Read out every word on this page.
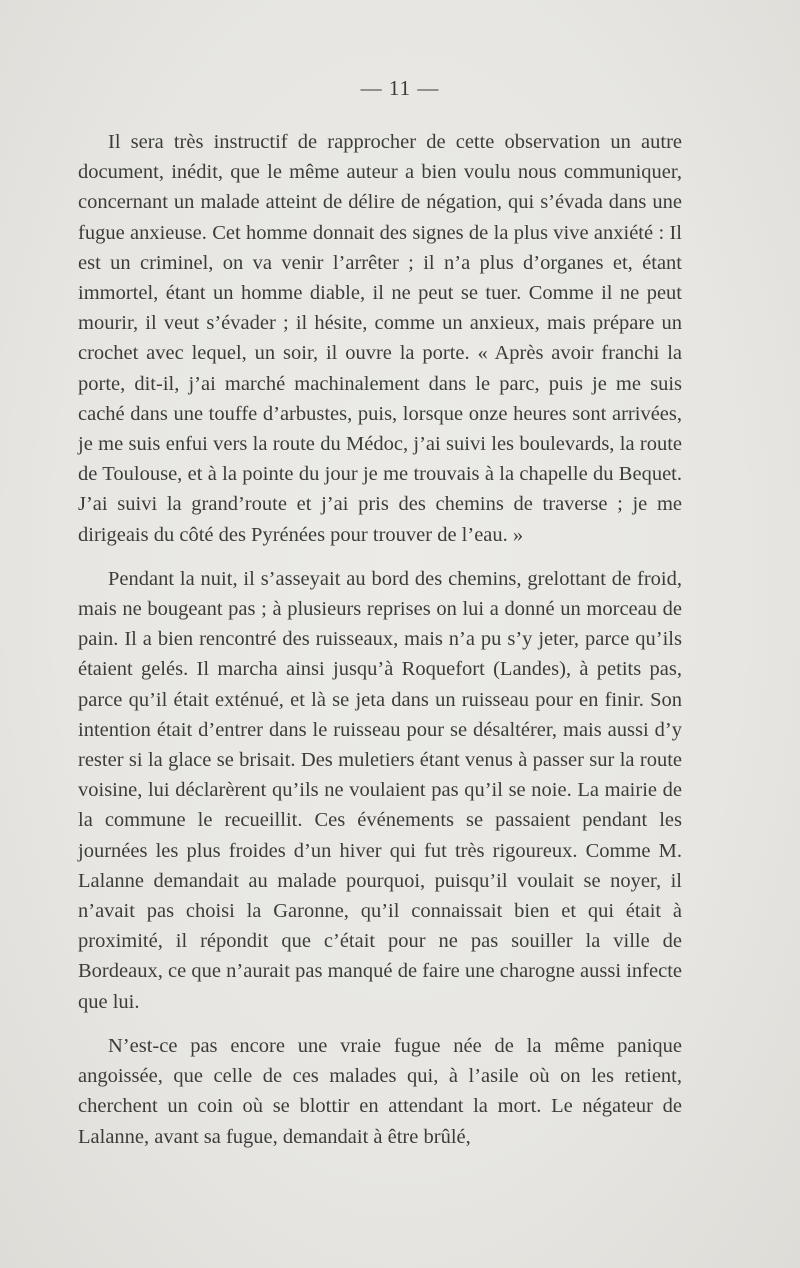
— 11 —

Il sera très instructif de rapprocher de cette observation un autre document, inédit, que le même auteur a bien voulu nous communiquer, concernant un malade atteint de délire de négation, qui s’évada dans une fugue anxieuse. Cet homme donnait des signes de la plus vive anxiété : Il est un criminel, on va venir l’arrêter ; il n’a plus d’organes et, étant immortel, étant un homme diable, il ne peut se tuer. Comme il ne peut mourir, il veut s’évader ; il hésite, comme un anxieux, mais prépare un crochet avec lequel, un soir, il ouvre la porte. « Après avoir franchi la porte, dit-il, j’ai marché machinalement dans le parc, puis je me suis caché dans une touffe d’arbustes, puis, lorsque onze heures sont arrivées, je me suis enfui vers la route du Médoc, j’ai suivi les boulevards, la route de Toulouse, et à la pointe du jour je me trouvais à la chapelle du Bequet. J’ai suivi la grand’route et j’ai pris des chemins de traverse ; je me dirigeais du côté des Pyrénées pour trouver de l’eau. »

Pendant la nuit, il s’asseyait au bord des chemins, grelottant de froid, mais ne bougeant pas ; à plusieurs reprises on lui a donné un morceau de pain. Il a bien rencontré des ruisseaux, mais n’a pu s’y jeter, parce qu’ils étaient gelés. Il marcha ainsi jusqu’à Roquefort (Landes), à petits pas, parce qu’il était exténué, et là se jeta dans un ruisseau pour en finir. Son intention était d’entrer dans le ruisseau pour se désaltérer, mais aussi d’y rester si la glace se brisait. Des muletiers étant venus à passer sur la route voisine, lui déclarèrent qu’ils ne voulaient pas qu’il se noie. La mairie de la commune le recueillit. Ces événements se passaient pendant les journées les plus froides d’un hiver qui fut très rigoureux. Comme M. Lalanne demandait au malade pourquoi, puisqu’il voulait se noyer, il n’avait pas choisi la Garonne, qu’il connaissait bien et qui était à proximité, il répondit que c’était pour ne pas souiller la ville de Bordeaux, ce que n’aurait pas manqué de faire une charogne aussi infecte que lui.

N’est-ce pas encore une vraie fugue née de la même panique angoissée, que celle de ces malades qui, à l’asile où on les retient, cherchent un coin où se blottir en attendant la mort. Le négateur de Lalanne, avant sa fugue, demandait à être brûlé,
